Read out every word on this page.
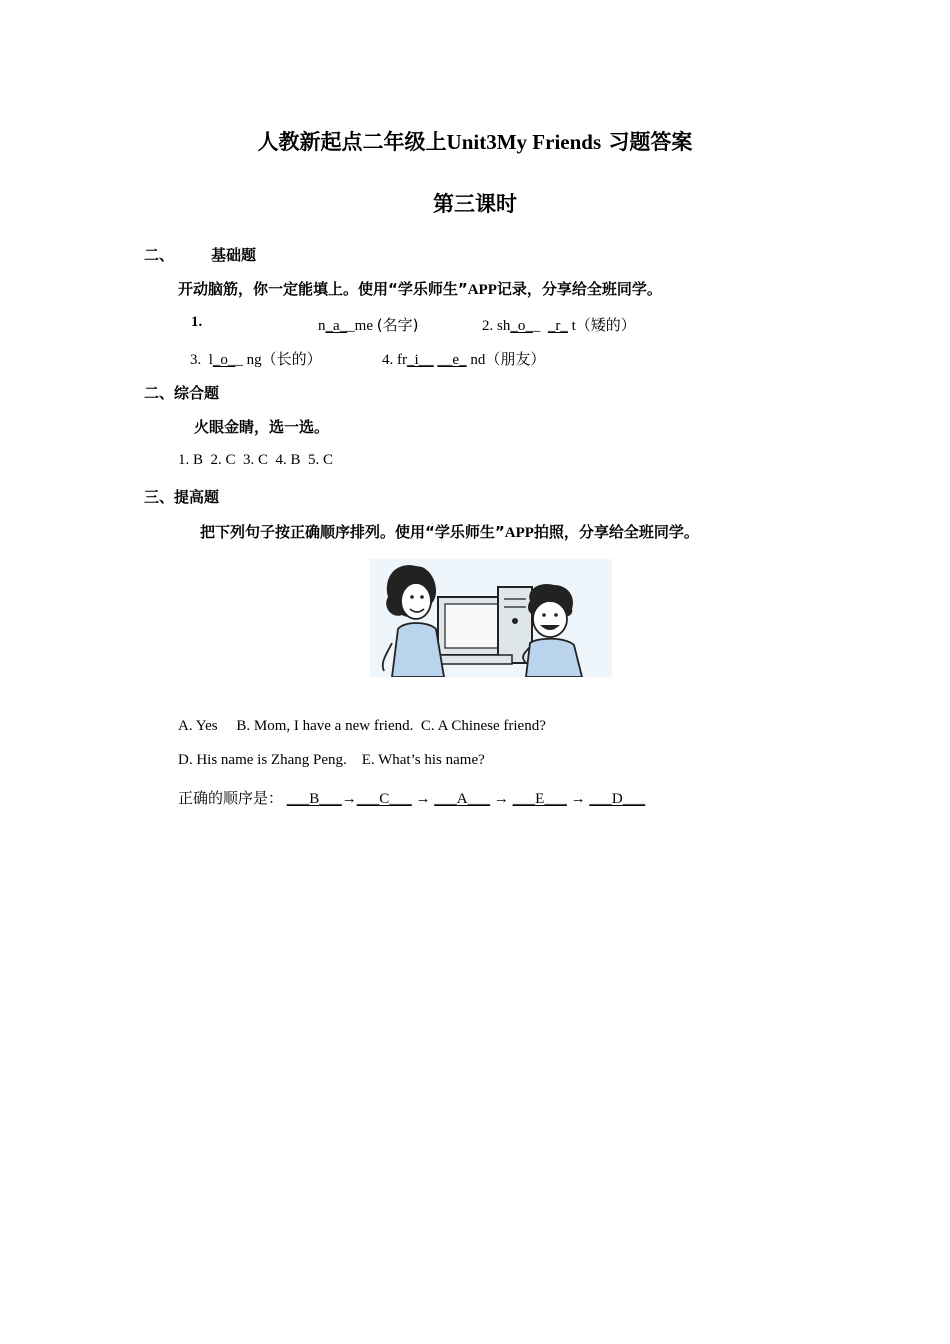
人教新起点二年级上Unit3My Friends 习题答案
第三课时
二、 基础题
开动脑筋，你一定能填上。使用“学乐师生”APP记录，分享给全班同学。
1.	n_a__me (名字)	2. sh_o__  _r_ t（矮的）
3. l_o__ ng（长的）	4. fr_i__ __e_ nd（朋友）
二、综合题
火眼金睛，选一选。
1. B  2. C  3. C  4. B  5. C
三、提高题
把下列句子按正确顺序排列。使用“学乐师生”APP拍照，分享给全班同学。
A. Yes     B. Mom, I have a new friend.  C. A Chinese friend?
D. His name is Zhang Peng.    E. What’s his name?
正确的顺序是： ___B___→___C___ → ___A___ → ___E___ → ___D___
